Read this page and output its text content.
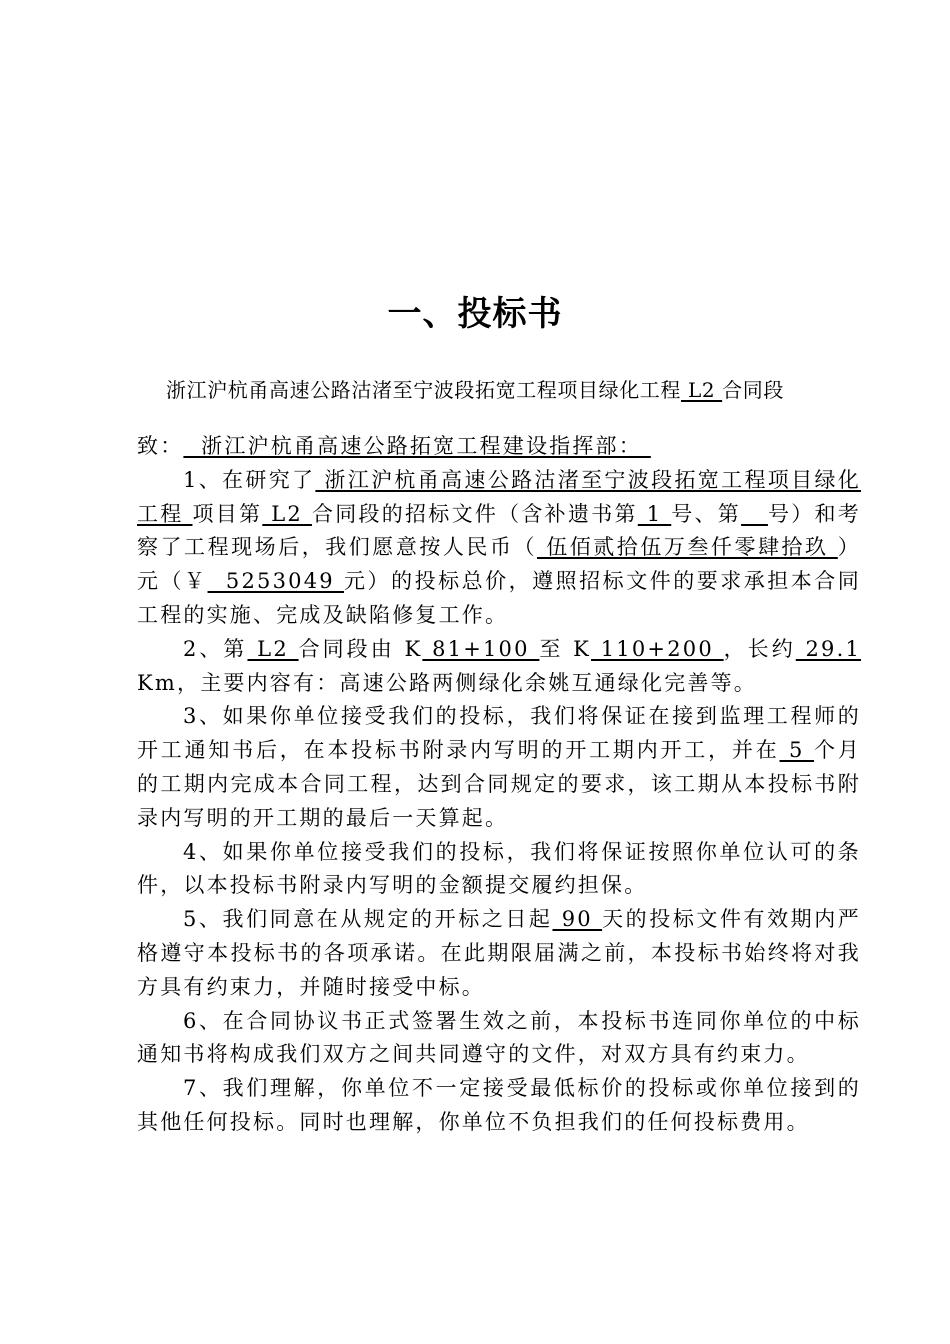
一、投标书
浙江沪杭甬高速公路沽渚至宁波段拓宽工程项目绿化工程 L2 合同段

致：  浙江沪杭甬高速公路拓宽工程建设指挥部：

1、在研究了 浙江沪杭甬高速公路沽渚至宁波段拓宽工程项目绿化工程 项目第 L2 合同段的招标文件（含补遗书第 1 号、第 号）和考察了工程现场后，我们愿意按人民币（ 伍佰贰拾伍万叁仟零肆拾玖 ）元（￥  5253049 元）的投标总价，遵照招标文件的要求承担本合同工程的实施、完成及缺陷修复工作。

2、第 L2 合同段由 K 81+100 至 K 110+200 ，长约 29.1 Km，主要内容有：高速公路两侧绿化余姚互通绿化完善等。

3、如果你单位接受我们的投标，我们将保证在接到监理工程师的开工通知书后，在本投标书附录内写明的开工期内开工，并在 5 个月的工期内完成本合同工程，达到合同规定的要求，该工期从本投标书附录内写明的开工期的最后一天算起。

4、如果你单位接受我们的投标，我们将保证按照你单位认可的条件，以本投标书附录内写明的金额提交履约担保。

5、我们同意在从规定的开标之日起 90 天的投标文件有效期内严格遵守本投标书的各项承诺。在此期限届满之前，本投标书始终将对我方具有约束力，并随时接受中标。

6、在合同协议书正式签署生效之前，本投标书连同你单位的中标通知书将构成我们双方之间共同遵守的文件，对双方具有约束力。

7、我们理解，你单位不一定接受最低标价的投标或你单位接到的其他任何投标。同时也理解，你单位不负担我们的任何投标费用。
